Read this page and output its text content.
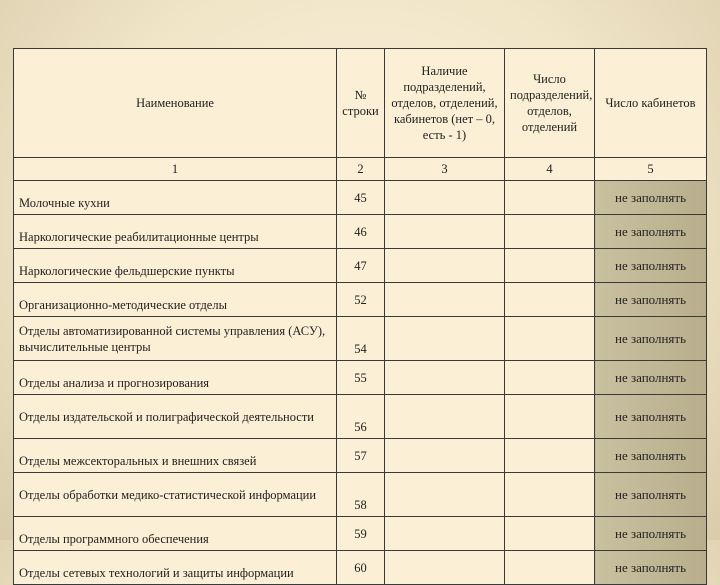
Наименование	№ строки	Наличие подразделений, отделов, отделений, кабинетов (нет – 0, есть - 1)	Число подразделений, отделов, отделений	Число кабинетов
1	2	3	4	5
Молочные кухни	45			не заполнять
Наркологические реабилитационные центры	46			не заполнять
Наркологические фельдшерские пункты	47			не заполнять
Организационно-методические отделы	52			не заполнять
Отделы автоматизированной системы управления (АСУ), вычислительные центры	54			не заполнять
Отделы анализа и прогнозирования	55			не заполнять
Отделы издательской и полиграфической деятельности	56			не заполнять
Отделы межсекторальных и внешних связей	57			не заполнять
Отделы обработки медико-статистической информации	58			не заполнять
Отделы программного обеспечения	59			не заполнять
Отделы сетевых технологий и защиты информации	60			не заполнять
